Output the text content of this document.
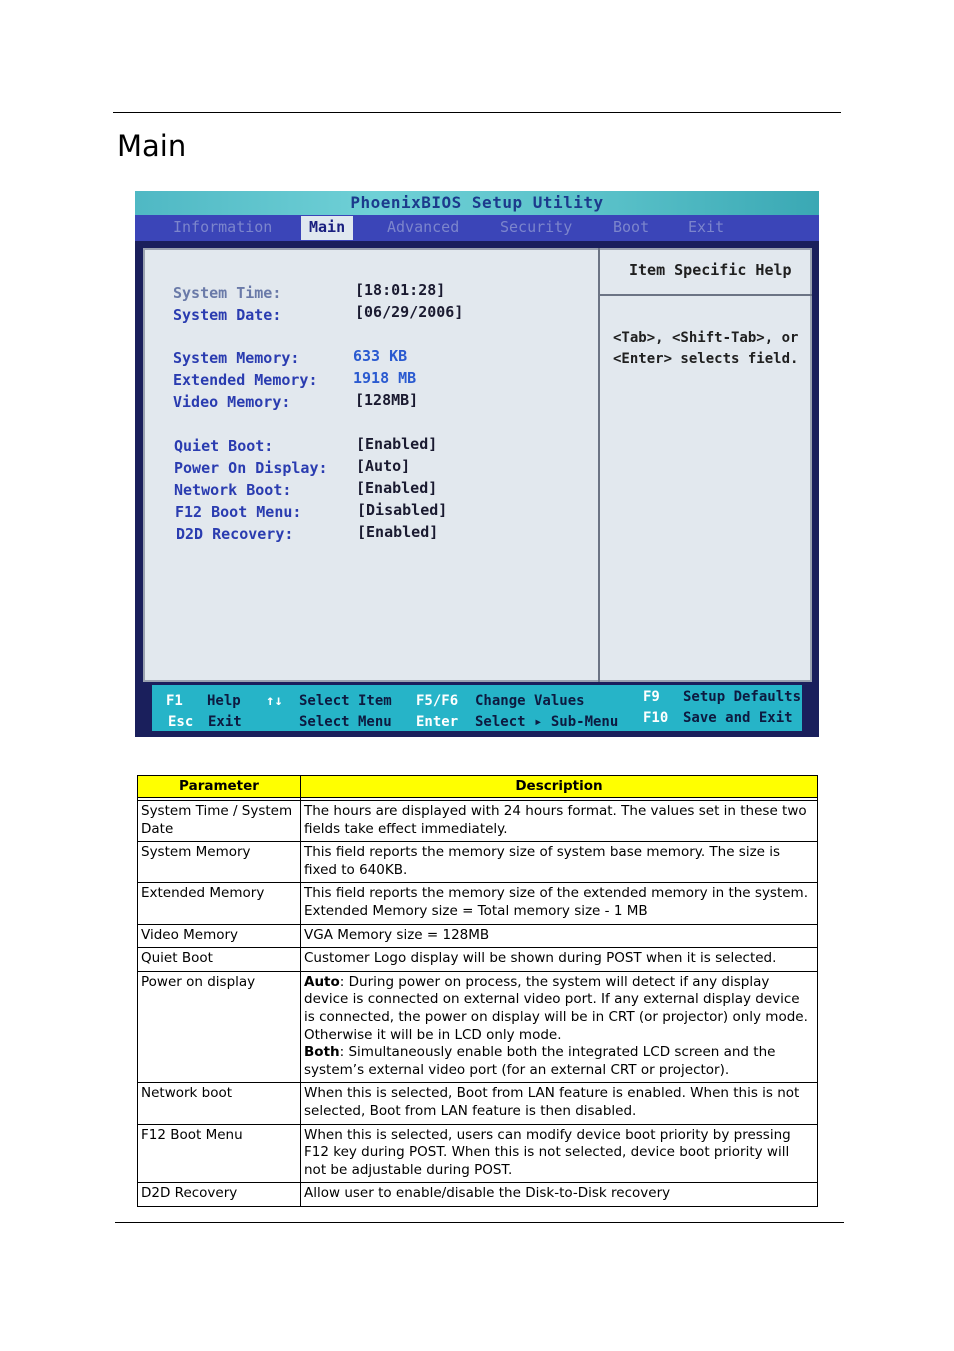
Main
PhoenixBIOS Setup Utility
Information	Main	Advanced	Security	Boot	Exit
Item Specific Help
<Tab>, <Shift-Tab>, or <Enter> selects field.
System Time:	[18:01:28]
System Date:	[06/29/2006]
System Memory:	633 KB
Extended Memory: 1918 MB
Video Memory:	[128MB]
Quiet Boot:	[Enabled]
Power On Display: [Auto]
Network Boot:	[Enabled]
F12 Boot Menu:	[Disabled]
D2D Recovery:	[Enabled]
F1 Help ↑↓ Select Item F5/F6 Change Values	F9 Setup Defaults
Esc Exit	Select Menu Enter Select ▸ Sub-Menu F10 Save and Exit
Parameter	Description

System Time / System Date	The hours are displayed with 24 hours format. The values set in these two fields take effect immediately.
System Memory	This field reports the memory size of system base memory. The size is fixed to 640KB.
Extended Memory	This field reports the memory size of the extended memory in the system. Extended Memory size = Total memory size - 1 MB
Video Memory	VGA Memory size = 128MB
Quiet Boot	Customer Logo display will be shown during POST when it is selected.
Power on display	Auto: During power on process, the system will detect if any display device is connected on external video port. If any external display device is connected, the power on display will be in CRT (or projector) only mode. Otherwise it will be in LCD only mode.
Both: Simultaneously enable both the integrated LCD screen and the system’s external video port (for an external CRT or projector).
Network boot	When this is selected, Boot from LAN feature is enabled. When this is not selected, Boot from LAN feature is then disabled.
F12 Boot Menu	When this is selected, users can modify device boot priority by pressing F12 key during POST. When this is not selected, device boot priority will not be adjustable during POST.
D2D Recovery	Allow user to enable/disable the Disk-to-Disk recovery
